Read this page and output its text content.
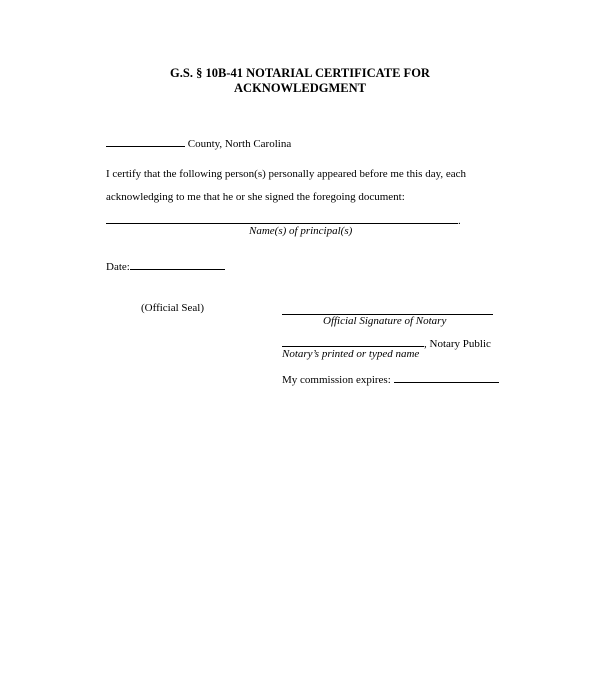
G.S. § 10B-41 NOTARIAL CERTIFICATE FOR
ACKNOWLEDGMENT
County, North Carolina
I certify that the following person(s) personally appeared before me this day, each
acknowledging to me that he or she signed the foregoing document:
.
Name(s) of principal(s)
Date:
(Official Seal)
Official Signature of Notary
, Notary Public
Notary’s printed or typed name
My commission expires:
